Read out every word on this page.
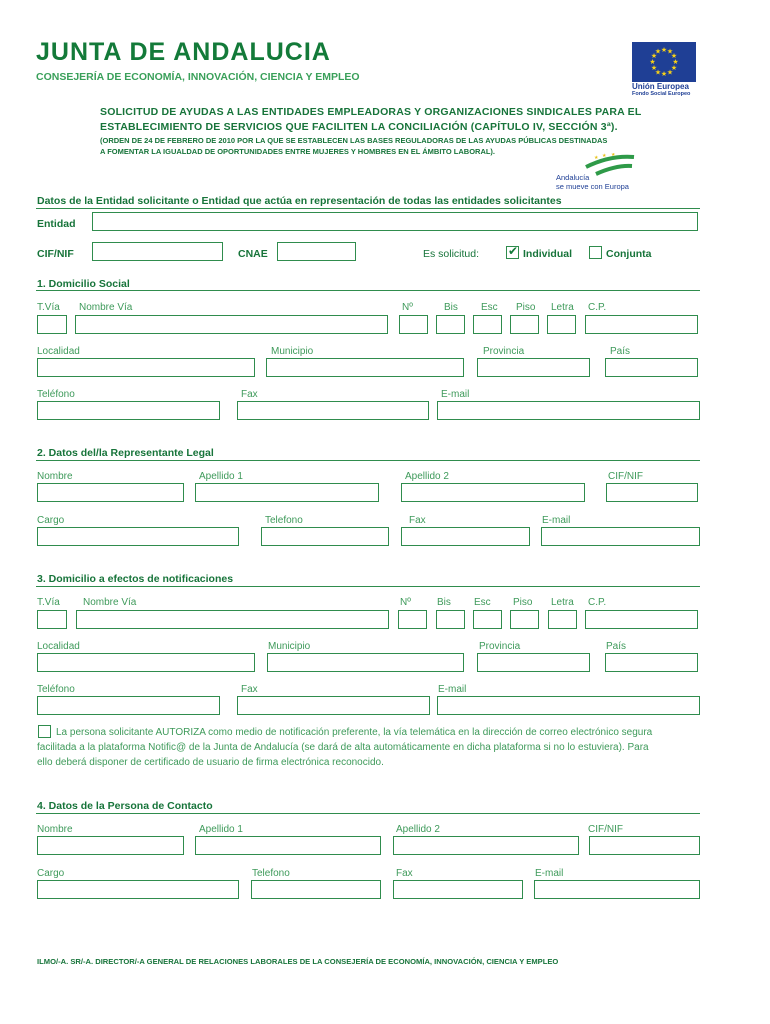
JUNTA DE ANDALUCIA
CONSEJERÍA DE ECONOMÍA, INNOVACIÓN, CIENCIA Y EMPLEO
★ ★
★
★
★
★
★
★
★
★
★
★
Unión Europea
Fondo Social Europeo
SOLICITUD DE AYUDAS A LAS ENTIDADES EMPLEADORAS Y ORGANIZACIONES SINDICALES PARA EL
ESTABLECIMIENTO DE SERVICIOS QUE FACILITEN LA CONCILIACIÓN (CAPÍTULO IV, SECCIÓN 3ª).
(ORDEN DE 24 DE FEBRERO DE 2010 POR LA QUE SE ESTABLECEN LAS BASES REGULADORAS DE LAS AYUDAS PÚBLICAS DESTINADAS
A FOMENTAR LA IGUALDAD DE OPORTUNIDADES ENTRE MUJERES Y HOMBRES EN EL ÁMBITO LABORAL).
★ ★ ★
Andalucía
se mueve con Europa
Datos de la Entidad solicitante o Entidad que actúa en representación de todas las entidades solicitantes
Entidad
CIF/NIF	CNAE	Es solicitud: ✔ Individual	Conjunta
1. Domicilio Social
T.Vía Nombre Vía	Nº	Bis Esc Piso Letra C.P.
Localidad	Municipio	Provincia	País
Teléfono	Fax	E-mail
2. Datos del/la Representante Legal
Nombre	Apellido 1	Apellido 2	CIF/NIF
Cargo	Telefono	Fax	E-mail
3. Domicilio a efectos de notificaciones
T.Vía Nombre Vía	Nº	Bis Esc Piso Letra C.P.
Localidad	Municipio	Provincia	País
Teléfono	Fax	E-mail
La persona solicitante AUTORIZA como medio de notificación preferente, la vía telemática en la dirección de correo electrónico segura
facilitada a la plataforma Notific@ de la Junta de Andalucía (se dará de alta automáticamente en dicha plataforma si no lo estuviera). Para
ello deberá disponer de certificado de usuario de firma electrónica reconocido.
4. Datos de la Persona de Contacto
Nombre	Apellido 1	Apellido 2	CIF/NIF
Cargo	Telefono	Fax	E-mail
ILMO/-A. SR/-A. DIRECTOR/-A GENERAL DE RELACIONES LABORALES DE LA CONSEJERÍA DE ECONOMÍA, INNOVACIÓN, CIENCIA Y EMPLEO
